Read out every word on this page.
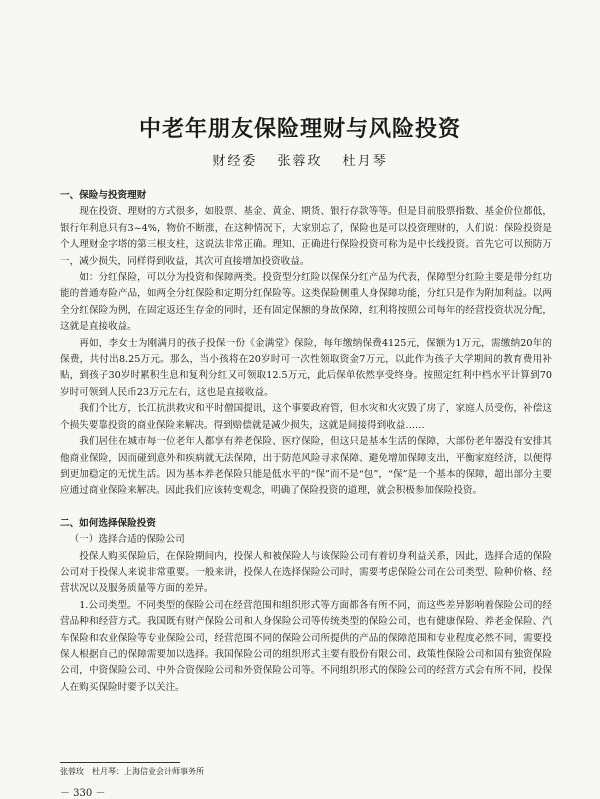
中老年朋友保险理财与风险投资
财经委 张蓉玫 杜月琴
一、保险与投资理财

现在投资、理财的方式很多，如股票、基金、黄金、期货、银行存款等等。但是目前股票指数、基金价位都低，银行年利息只有3~4%，物价不断涨，在这种情况下，大家别忘了，保险也是可以投资理财的，人们说：保险投资是个人理财金字塔的第三根支柱，这说法非常正确。理知、正确进行保险投资可称为是中长线投资。首先它可以预防万一，减少损失，同样得到收益，其次可直接增加投资收益。

如：分红保险，可以分为投资和保障两类。投资型分红险以保保分红产品为代表，保障型分红险主要是带分红功能的普通寿险产品，如两全分红保险和定期分红保险等。这类保险侧重人身保障功能，分红只是作为附加利益。以两全分红保险为例，在固定返还生存金的同时，还有固定保额的身故保障，红利将按照公司每年的经营投资状况分配，这就是直接收益。

再如，李女士为刚满月的孩子投保一份《金满堂》保险，每年缴纳保费4125元，保额为1万元，需缴纳20年的保费，共付出8.25万元。那么，当小孩将在20岁时可一次性领取资金7万元，以此作为孩子大学期间的教育费用补贴，到孩子30岁时累积生息和复利分红又可领取12.5万元，此后保单依然享受终身。按照定红利中档水平计算到70岁时可领到人民币23万元左右，这也是直接收益。

我们个比方，长江抗洪救灾和平时僧国提讯，这个事要政府管，但水灾和火灾毁了房了，家庭人员受伤，补偿这个损失要靠投资的商业保险来解决。得到赔偿就是减少损失，这就是间接得到收益……

我们居住在城市每一位老年人都享有养老保险、医疗保险，但这只是基本生活的保障，大部份老年器没有安排其他商业保险，因而碰到意外和疾病就无法保障，出于防范风险寻求保障、避免增加保障支出，平衡家庭经济，以便得到更加稳定的无忧生活。因为基本养老保险只能是低水平的“保”而不是“包”，“保”是一个基本的保障，超出部分主要应通过商业保险来解决。因此我们应该转变观念，明确了保险投资的道理，就会积极参加保险投资。

二、如何选择保险投资
（一）选择合适的保险公司

投保人购买保险后，在保险期间内，投保人和被保险人与该保险公司有着切身利益关系，因此，选择合适的保险公司对于投保人来说非常重要。一般来讲，投保人在选择保险公司时，需要考虑保险公司在公司类型、险种价格、经营状况以及服务质量等方面的差异。

1.公司类型。不同类型的保险公司在经营范围和组织形式等方面都各有所不同，而这些差异影响着保险公司的经营品种和经营方式。我国既有财产保险公司和人身保险公司等传统类型的保险公司，也有健康保险、养老金保险、汽车保险和农业保险等专业保险公司，经营范围不同的保险公司所提供的产品的保障范围和专业程度必然不同，需要投保人根据自己的保障需要加以选择。我国保险公司的组织形式主要有股份有限公司、政策性保险公司和国有独资保险公司，中资保险公司、中外合资保险公司和外资保险公司等。不同组织形式的保险公司的经营方式会有所不同，投保人在购买保险时要予以关注。

张蓉玫　杜月琴：上海信业会计师事务所
－ 330 －
